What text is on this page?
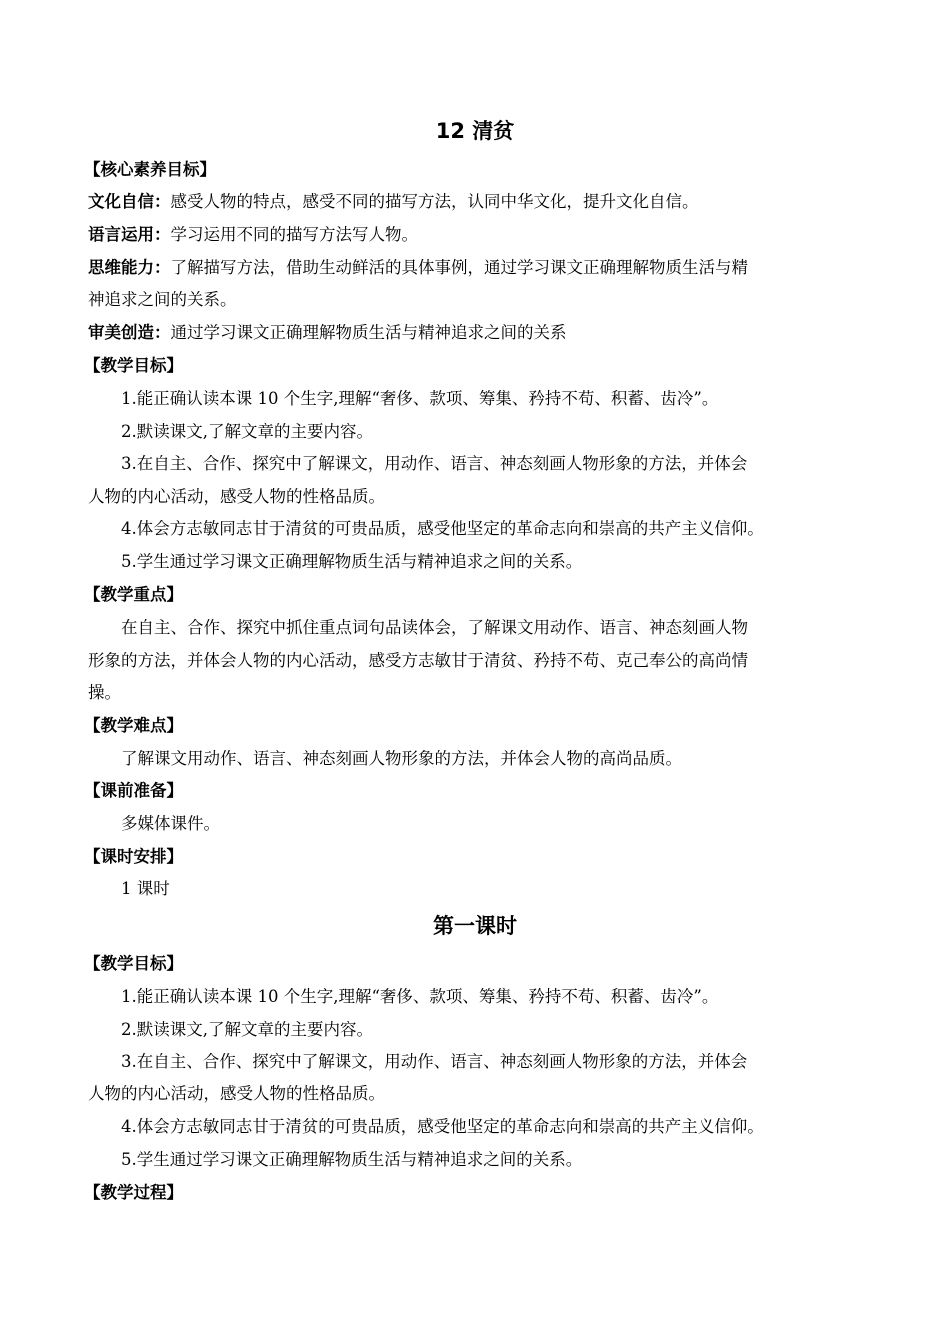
12 清贫
【核心素养目标】
文化自信：感受人物的特点，感受不同的描写方法，认同中华文化，提升文化自信。
语言运用：学习运用不同的描写方法写人物。
思维能力：了解描写方法，借助生动鲜活的具体事例，通过学习课文正确理解物质生活与精
神追求之间的关系。
审美创造：通过学习课文正确理解物质生活与精神追求之间的关系
【教学目标】
1.能正确认读本课 10 个生字,理解“奢侈、款项、筹集、矜持不苟、积蓄、齿冷”。
2.默读课文,了解文章的主要内容。
3.在自主、合作、探究中了解课文，用动作、语言、神态刻画人物形象的方法，并体会
人物的内心活动，感受人物的性格品质。
4.体会方志敏同志甘于清贫的可贵品质，感受他坚定的革命志向和崇高的共产主义信仰。
5.学生通过学习课文正确理解物质生活与精神追求之间的关系。
【教学重点】
在自主、合作、探究中抓住重点词句品读体会，了解课文用动作、语言、神态刻画人物
形象的方法，并体会人物的内心活动，感受方志敏甘于清贫、矜持不苟、克己奉公的高尚情
操。
【教学难点】
了解课文用动作、语言、神态刻画人物形象的方法，并体会人物的高尚品质。
【课前准备】
多媒体课件。
【课时安排】
1 课时
第一课时
【教学目标】
1.能正确认读本课 10 个生字,理解“奢侈、款项、筹集、矜持不苟、积蓄、齿冷”。
2.默读课文,了解文章的主要内容。
3.在自主、合作、探究中了解课文，用动作、语言、神态刻画人物形象的方法，并体会
人物的内心活动，感受人物的性格品质。
4.体会方志敏同志甘于清贫的可贵品质，感受他坚定的革命志向和崇高的共产主义信仰。
5.学生通过学习课文正确理解物质生活与精神追求之间的关系。
【教学过程】
